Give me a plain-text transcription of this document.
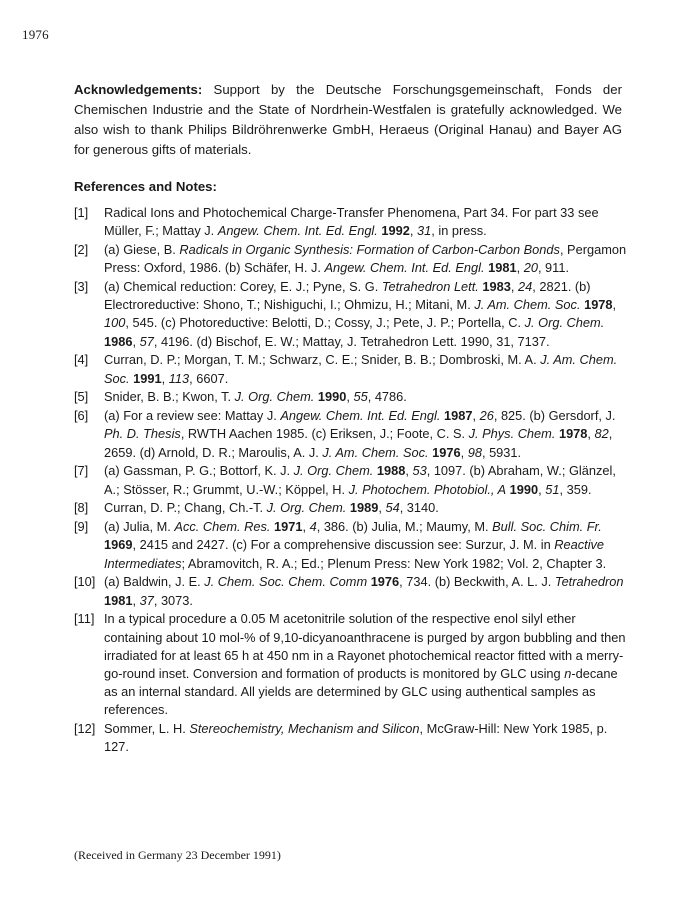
1976

Acknowledgements: Support by the Deutsche Forschungsgemeinschaft, Fonds der Chemischen Industrie and the State of Nordrhein-Westfalen is gratefully acknowledged. We also wish to thank Philips Bildröhrenwerke GmbH, Heraeus (Original Hanau) and Bayer AG for generous gifts of materials.

References and Notes:

[1]	Radical Ions and Photochemical Charge-Transfer Phenomena, Part 34. For part 33 see Müller, F.; Mattay J. Angew. Chem. Int. Ed. Engl. 1992, 31, in press.
[2]	(a) Giese, B. Radicals in Organic Synthesis: Formation of Carbon-Carbon Bonds, Pergamon Press: Oxford, 1986. (b) Schäfer, H. J. Angew. Chem. Int. Ed. Engl. 1981, 20, 911.
[3]	(a) Chemical reduction: Corey, E. J.; Pyne, S. G. Tetrahedron Lett. 1983, 24, 2821. (b) Electroreductive: Shono, T.; Nishiguchi, I.; Ohmizu, H.; Mitani, M. J. Am. Chem. Soc. 1978, 100, 545. (c) Photoreductive: Belotti, D.; Cossy, J.; Pete, J. P.; Portella, C. J. Org. Chem. 1986, 57, 4196. (d) Bischof, E. W.; Mattay, J. Tetrahedron Lett. 1990, 31, 7137.
[4]	Curran, D. P.; Morgan, T. M.; Schwarz, C. E.; Snider, B. B.; Dombroski, M. A. J. Am. Chem. Soc. 1991, 113, 6607.
[5]	Snider, B. B.; Kwon, T. J. Org. Chem. 1990, 55, 4786.
[6]	(a) For a review see: Mattay J. Angew. Chem. Int. Ed. Engl. 1987, 26, 825. (b) Gersdorf, J. Ph. D. Thesis, RWTH Aachen 1985. (c) Eriksen, J.; Foote, C. S. J. Phys. Chem. 1978, 82, 2659. (d) Arnold, D. R.; Maroulis, A. J. J. Am. Chem. Soc. 1976, 98, 5931.
[7]	(a) Gassman, P. G.; Bottorf, K. J. J. Org. Chem. 1988, 53, 1097. (b) Abraham, W.; Glänzel, A.; Stösser, R.; Grummt, U.-W.; Köppel, H. J. Photochem. Photobiol., A 1990, 51, 359.
[8]	Curran, D. P.; Chang, Ch.-T. J. Org. Chem. 1989, 54, 3140.
[9]	(a) Julia, M. Acc. Chem. Res. 1971, 4, 386. (b) Julia, M.; Maumy, M. Bull. Soc. Chim. Fr. 1969, 2415 and 2427. (c) For a comprehensive discussion see: Surzur, J. M. in Reactive Intermediates; Abramovitch, R. A.; Ed.; Plenum Press: New York 1982; Vol. 2, Chapter 3.
[10] (a) Baldwin, J. E. J. Chem. Soc. Chem. Comm 1976, 734. (b) Beckwith, A. L. J. Tetrahedron 1981, 37, 3073.
[11] In a typical procedure a 0.05 M acetonitrile solution of the respective enol silyl ether containing about 10 mol-% of 9,10-dicyanoanthracene is purged by argon bubbling and then irradiated for at least 65 h at 450 nm in a Rayonet photochemical reactor fitted with a merry-go-round inset. Conversion and formation of products is monitored by GLC using n-decane as an internal standard. All yields are determined by GLC using authentical samples as references.
[12] Sommer, L. H. Stereochemistry, Mechanism and Silicon, McGraw-Hill: New York 1985, p. 127.
(Received in Germany 23 December 1991)
